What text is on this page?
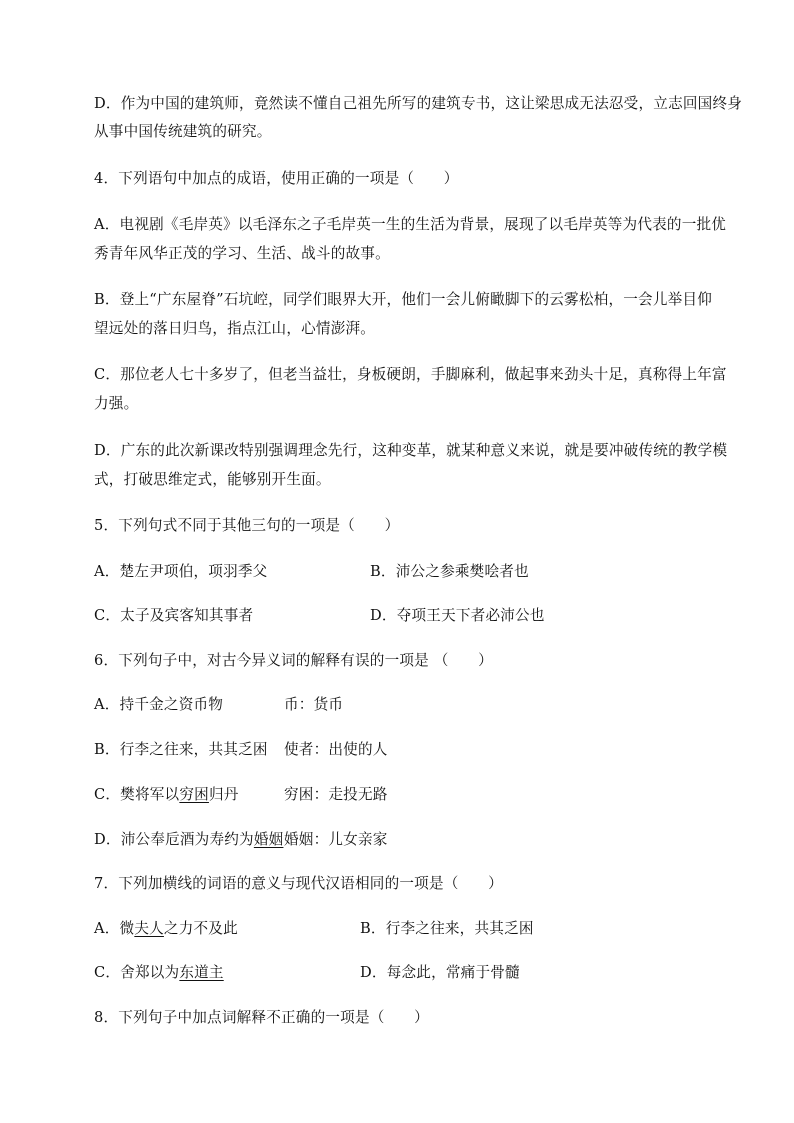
D．作为中国的建筑师，竟然读不懂自己祖先所写的建筑专书，这让梁思成无法忍受，立志回国终身
从事中国传统建筑的研究。
4．下列语句中加点的成语，使用正确的一项是（　　）
A．电视剧《毛岸英》以毛泽东之子毛岸英一生的生活为背景，展现了以毛岸英等为代表的一批优
秀青年风华正茂的学习、生活、战斗的故事。
B．登上“广东屋脊”石坑崆，同学们眼界大开，他们一会儿俯瞰脚下的云雾松柏，一会儿举目仰
望远处的落日归鸟，指点江山，心情澎湃。
C．那位老人七十多岁了，但老当益壮，身板硬朗，手脚麻利，做起事来劲头十足，真称得上年富
力强。
D．广东的此次新课改特别强调理念先行，这种变革，就某种意义来说，就是要冲破传统的教学模
式，打破思维定式，能够别开生面。
5．下列句式不同于其他三句的一项是（　　）
A．楚左尹项伯，项羽季父	B．沛公之参乘樊哙者也
C．太子及宾客知其事者	D．夺项王天下者必沛公也
6．下列句子中，对古今异义词的解释有误的一项是 （　　）
A．持千金之资币物	币：货币
B．行李之往来，共其乏困 使者：出使的人
C．樊将军以穷困归丹	穷困：走投无路
D．沛公奉卮酒为寿约为婚姻 婚姻：儿女亲家
7．下列加横线的词语的意义与现代汉语相同的一项是（　　）
A．微夫人之力不及此	B．行李之往来，共其乏困
C．舍郑以为东道主	D．每念此，常痛于骨髓
8．下列句子中加点词解释不正确的一项是（　　）
